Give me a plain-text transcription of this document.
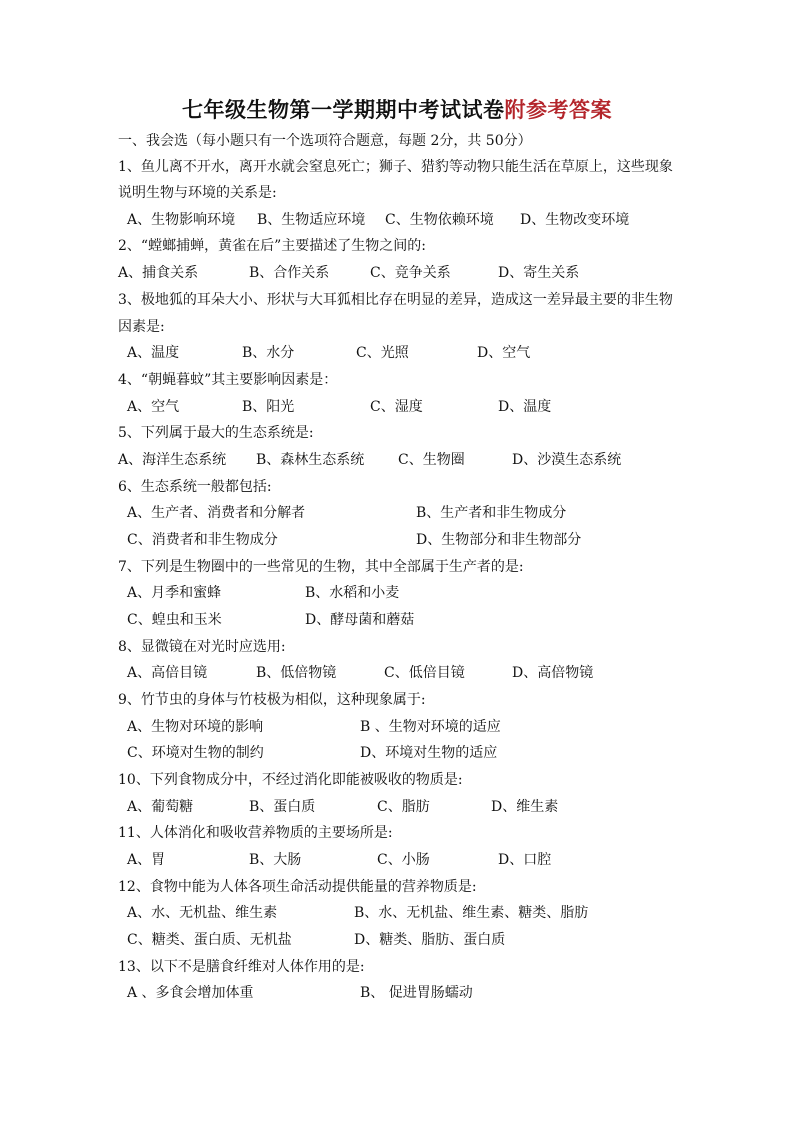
七年级生物第一学期期中考试试卷附参考答案
一、我会选（每小题只有一个选项符合题意，每题 2分，共 50分）
1、鱼儿离不开水，离开水就会窒息死亡；狮子、猎豹等动物只能生活在草原上，这些现象
说明生物与环境的关系是:
A、生物影响环境 B、生物适应环境 C、生物依赖环境 D、生物改变环境
2、“螳螂捕蝉，黄雀在后”主要描述了生物之间的:
A、捕食关系	B、合作关系	C、竞争关系	D、寄生关系
3、极地狐的耳朵大小、形状与大耳狐相比存在明显的差异，造成这一差异最主要的非生物
因素是:
A、温度	B、水分	C、光照	D、空气
4、“朝蝇暮蚊”其主要影响因素是：
A、空气	B、阳光	C、湿度	D、温度
5、下列属于最大的生态系统是:
A、海洋生态系统 B、森林生态系统 C、生物圈	D、沙漠生态系统
6、生态系统一般都包括:
A、生产者、消费者和分解者	B、生产者和非生物成分
C、消费者和非生物成分	D、生物部分和非生物部分
7、下列是生物圈中的一些常见的生物，其中全部属于生产者的是:
A、月季和蜜蜂	B、水稻和小麦
C、蝗虫和玉米	D、酵母菌和蘑菇
8、显微镜在对光时应选用:
A、高倍目镜	B、低倍物镜	C、低倍目镜	D、高倍物镜
9、竹节虫的身体与竹枝极为相似，这种现象属于:
A、生物对环境的影响	B 、生物对环境的适应
C、环境对生物的制约	D、环境对生物的适应
10、下列食物成分中，不经过消化即能被吸收的物质是:
A、葡萄糖	B、蛋白质	C、脂肪	D、维生素
11、人体消化和吸收营养物质的主要场所是:
A、胃	B、大肠	C、小肠	D、口腔
12、食物中能为人体各项生命活动提供能量的营养物质是:
A、水、无机盐、维生素	B、水、无机盐、维生素、糖类、脂肪
C、糖类、蛋白质、无机盐	D、糖类、脂肪、蛋白质
13、以下不是膳食纤维对人体作用的是:
A 、多食会增加体重	B、 促进胃肠蠕动
